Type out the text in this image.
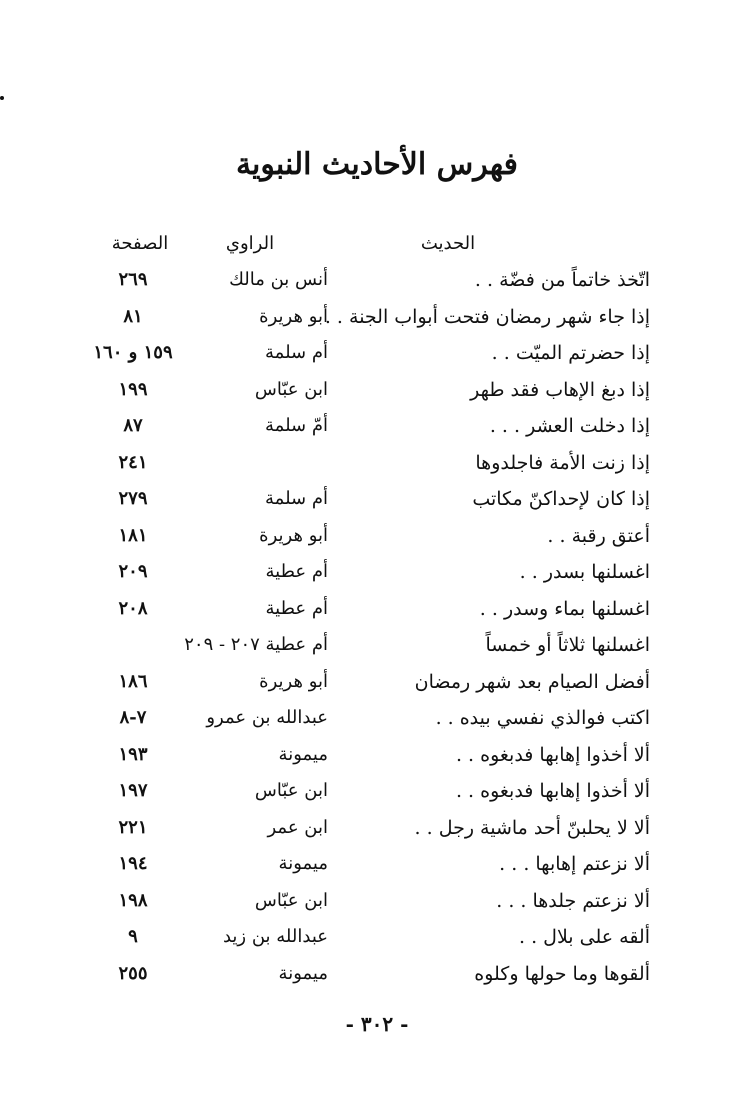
فهرس الأحاديث النبوية
الحديث
الراوي
الصفحة
اتّخذ خاتماً من فضّة . .
أنس بن مالك
٢٦٩
إذا جاء شهر رمضان فتحت أبواب الجنة . .
أبو هريرة
٨١
إذا حضرتم الميّت . .
أم سلمة
١٥٩ و ١٦٠
إذا دبغ الإهاب فقد طهر
ابن عبّاس
١٩٩
إذا دخلت العشر . . .
أمّ سلمة
٨٧
إذا زنت الأمة فاجلدوها
٢٤١
إذا كان لإحداكنّ مكاتب
أم سلمة
٢٧٩
أعتق رقبة . .
أبو هريرة
١٨١
اغسلنها بسدر . .
أم عطية
٢٠٩
اغسلنها بماء وسدر . .
أم عطية
٢٠٨
اغسلنها ثلاثاً أو خمساً
أم عطية ٢٠٧ - ٢٠٩
أفضل الصيام بعد شهر رمضان
أبو هريرة
١٨٦
اكتب فوالذي نفسي بيده . .
عبدالله بن عمرو
٧-٨
ألا أخذوا إهابها فدبغوه . .
ميمونة
١٩٣
ألا أخذوا إهابها فدبغوه . .
ابن عبّاس
١٩٧
ألا لا يحلبنّ أحد ماشية رجل . .
ابن عمر
٢٢١
ألا نزعتم إهابها . . .
ميمونة
١٩٤
ألا نزعتم جلدها . . .
ابن عبّاس
١٩٨
ألقه على بلال . .
عبدالله بن زيد
٩
ألقوها وما حولها وكلوه
ميمونة
٢٥٥
- ٣٠٢ -
